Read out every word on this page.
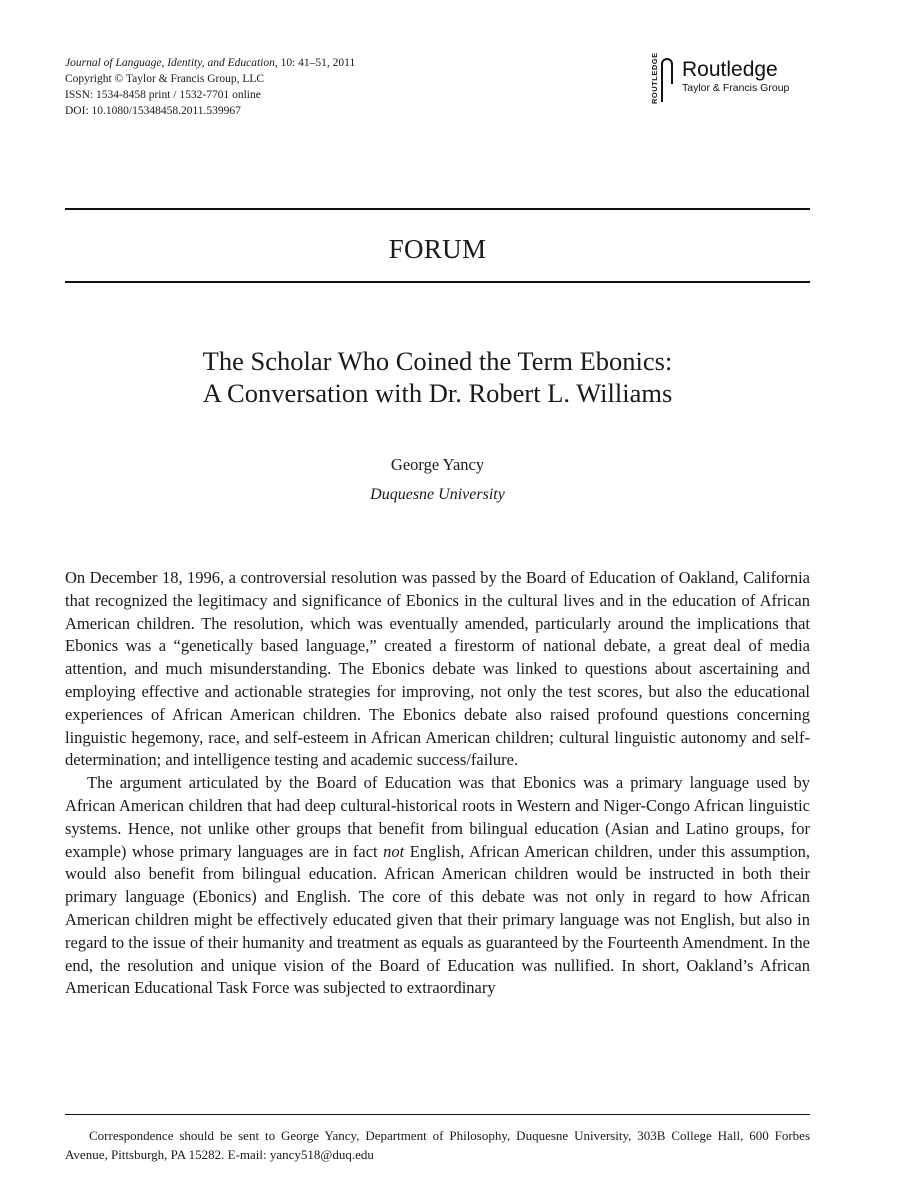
Journal of Language, Identity, and Education, 10: 41–51, 2011
Copyright © Taylor & Francis Group, LLC
ISSN: 1534-8458 print / 1532-7701 online
DOI: 10.1080/15348458.2011.539967
ROUTLEDGE Routledge
Taylor & Francis Group
FORUM
The Scholar Who Coined the Term Ebonics:
A Conversation with Dr. Robert L. Williams
George Yancy
Duquesne University

On December 18, 1996, a controversial resolution was passed by the Board of Education of Oakland, California that recognized the legitimacy and significance of Ebonics in the cultural lives and in the education of African American children. The resolution, which was eventually amended, particularly around the implications that Ebonics was a “genetically based language,” created a firestorm of national debate, a great deal of media attention, and much misunderstanding. The Ebonics debate was linked to questions about ascertaining and employing effective and actionable strategies for improving, not only the test scores, but also the educational experiences of African American children. The Ebonics debate also raised profound questions concerning linguistic hegemony, race, and self-esteem in African American children; cultural linguistic autonomy and self-determination; and intelligence testing and academic success/failure.

The argument articulated by the Board of Education was that Ebonics was a primary language used by African American children that had deep cultural-historical roots in Western and Niger-Congo African linguistic systems. Hence, not unlike other groups that benefit from bilingual education (Asian and Latino groups, for example) whose primary languages are in fact not English, African American children, under this assumption, would also benefit from bilingual education. African American children would be instructed in both their primary language (Ebonics) and English. The core of this debate was not only in regard to how African American children might be effectively educated given that their primary language was not English, but also in regard to the issue of their humanity and treatment as equals as guaranteed by the Fourteenth Amendment. In the end, the resolution and unique vision of the Board of Education was nullified. In short, Oakland’s African American Educational Task Force was subjected to extraordinary

Correspondence should be sent to George Yancy, Department of Philosophy, Duquesne University, 303B College Hall, 600 Forbes Avenue, Pittsburgh, PA 15282. E-mail: yancy518@duq.edu
